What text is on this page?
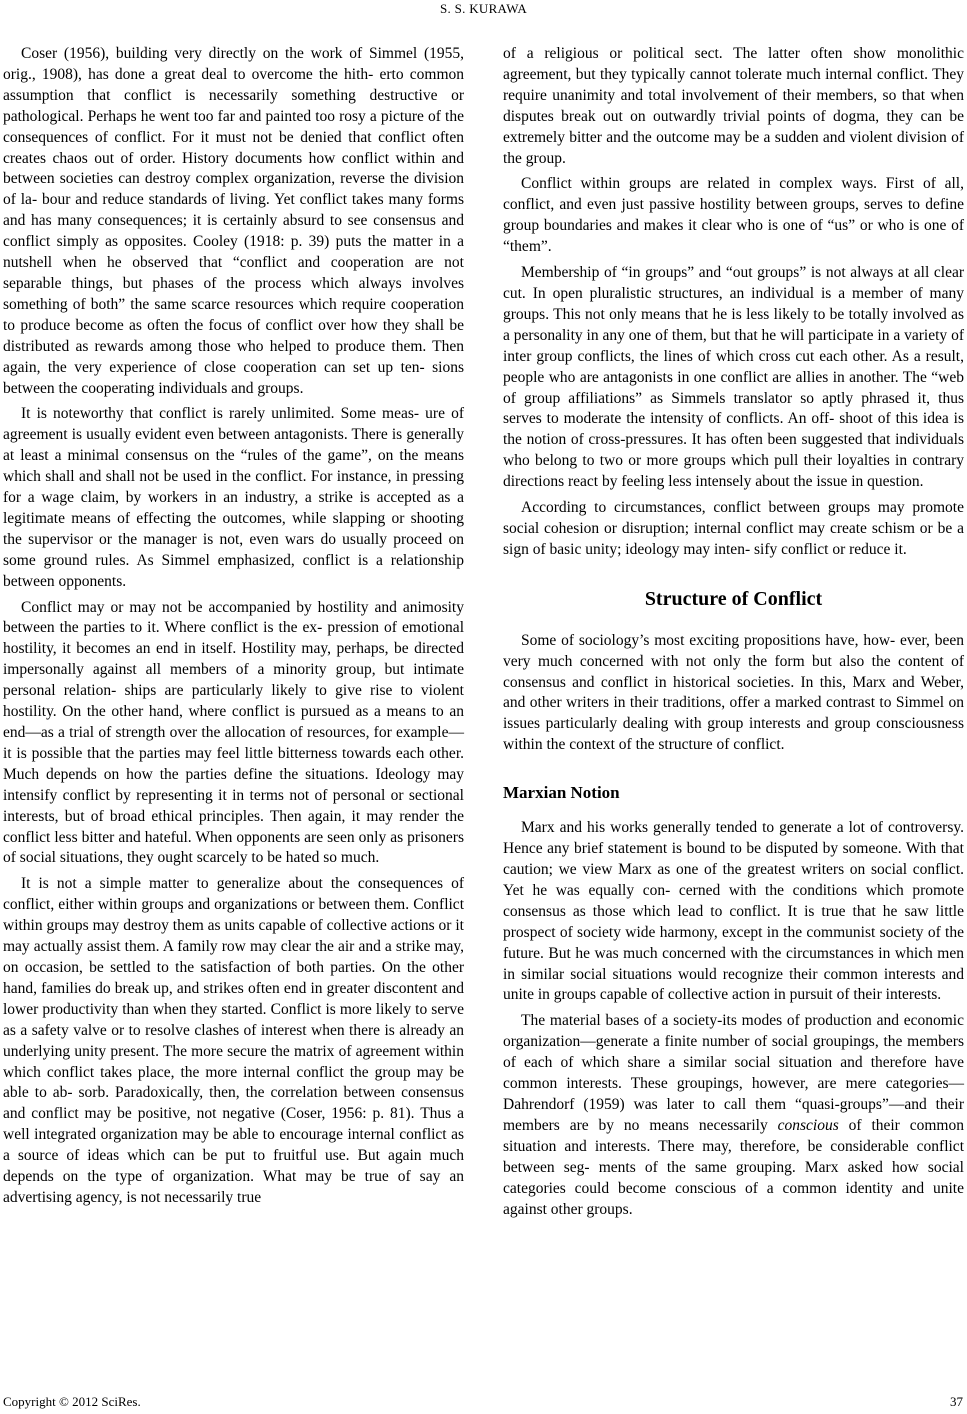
S. S. KURAWA

Coser (1956), building very directly on the work of Simmel (1955, orig., 1908), has done a great deal to overcome the hith- erto common assumption that conflict is necessarily something destructive or pathological. Perhaps he went too far and painted too rosy a picture of the consequences of conflict. For it must not be denied that conflict often creates chaos out of order. History documents how conflict within and between societies can destroy complex organization, reverse the division of la- bour and reduce standards of living. Yet conflict takes many forms and has many consequences; it is certainly absurd to see consensus and conflict simply as opposites. Cooley (1918: p. 39) puts the matter in a nutshell when he observed that “conflict and cooperation are not separable things, but phases of the process which always involves something of both” the same scarce resources which require cooperation to produce become as often the focus of conflict over how they shall be distributed as rewards among those who helped to produce them. Then again, the very experience of close cooperation can set up ten- sions between the cooperating individuals and groups.

It is noteworthy that conflict is rarely unlimited. Some meas- ure of agreement is usually evident even between antagonists. There is generally at least a minimal consensus on the “rules of the game”, on the means which shall and shall not be used in the conflict. For instance, in pressing for a wage claim, by workers in an industry, a strike is accepted as a legitimate means of effecting the outcomes, while slapping or shooting the supervisor or the manager is not, even wars do usually proceed on some ground rules. As Simmel emphasized, conflict is a relationship between opponents.

Conflict may or may not be accompanied by hostility and animosity between the parties to it. Where conflict is the ex- pression of emotional hostility, it becomes an end in itself. Hostility may, perhaps, be directed impersonally against all members of a minority group, but intimate personal relation- ships are particularly likely to give rise to violent hostility. On the other hand, where conflict is pursued as a means to an end—as a trial of strength over the allocation of resources, for example—it is possible that the parties may feel little bitterness towards each other. Much depends on how the parties define the situations. Ideology may intensify conflict by representing it in terms not of personal or sectional interests, but of broad ethical principles. Then again, it may render the conflict less bitter and hateful. When opponents are seen only as prisoners of social situations, they ought scarcely to be hated so much.

It is not a simple matter to generalize about the consequences of conflict, either within groups and organizations or between them. Conflict within groups may destroy them as units capable of collective actions or it may actually assist them. A family row may clear the air and a strike may, on occasion, be settled to the satisfaction of both parties. On the other hand, families do break up, and strikes often end in greater discontent and lower productivity than when they started. Conflict is more likely to serve as a safety valve or to resolve clashes of interest when there is already an underlying unity present. The more secure the matrix of agreement within which conflict takes place, the more internal conflict the group may be able to ab- sorb. Paradoxically, then, the correlation between consensus and conflict may be positive, not negative (Coser, 1956: p. 81). Thus a well integrated organization may be able to encourage internal conflict as a source of ideas which can be put to fruitful use. But again much depends on the type of organization. What may be true of say an advertising agency, is not necessarily true

of a religious or political sect. The latter often show monolithic agreement, but they typically cannot tolerate much internal conflict. They require unanimity and total involvement of their members, so that when disputes break out on outwardly trivial points of dogma, they can be extremely bitter and the outcome may be a sudden and violent division of the group.

Conflict within groups are related in complex ways. First of all, conflict, and even just passive hostility between groups, serves to define group boundaries and makes it clear who is one of “us” or who is one of “them”.

Membership of “in groups” and “out groups” is not always at all clear cut. In open pluralistic structures, an individual is a member of many groups. This not only means that he is less likely to be totally involved as a personality in any one of them, but that he will participate in a variety of inter group conflicts, the lines of which cross cut each other. As a result, people who are antagonists in one conflict are allies in another. The “web of group affiliations” as Simmels translator so aptly phrased it, thus serves to moderate the intensity of conflicts. An off- shoot of this idea is the notion of cross-pressures. It has often been suggested that individuals who belong to two or more groups which pull their loyalties in contrary directions react by feeling less intensely about the issue in question.

According to circumstances, conflict between groups may promote social cohesion or disruption; internal conflict may create schism or be a sign of basic unity; ideology may inten- sify conflict or reduce it.

Structure of Conflict

Some of sociology’s most exciting propositions have, how- ever, been very much concerned with not only the form but also the content of consensus and conflict in historical societies. In this, Marx and Weber, and other writers in their traditions, offer a marked contrast to Simmel on issues particularly dealing with group interests and group consciousness within the context of the structure of conflict.

Marxian Notion

Marx and his works generally tended to generate a lot of controversy. Hence any brief statement is bound to be disputed by someone. With that caution; we view Marx as one of the greatest writers on social conflict. Yet he was equally con- cerned with the conditions which promote consensus as those which lead to conflict. It is true that he saw little prospect of society wide harmony, except in the communist society of the future. But he was much concerned with the circumstances in which men in similar social situations would recognize their common interests and unite in groups capable of collective action in pursuit of their interests.

The material bases of a society-its modes of production and economic organization—generate a finite number of social groupings, the members of each of which share a similar social situation and therefore have common interests. These groupings, however, are mere categories—Dahrendorf (1959) was later to call them “quasi-groups”—and their members are by no means necessarily conscious of their common situation and interests. There may, therefore, be considerable conflict between seg- ments of the same grouping. Marx asked how social categories could become conscious of a common identity and unite against other groups.

Copyright © 2012 SciRes.	37
